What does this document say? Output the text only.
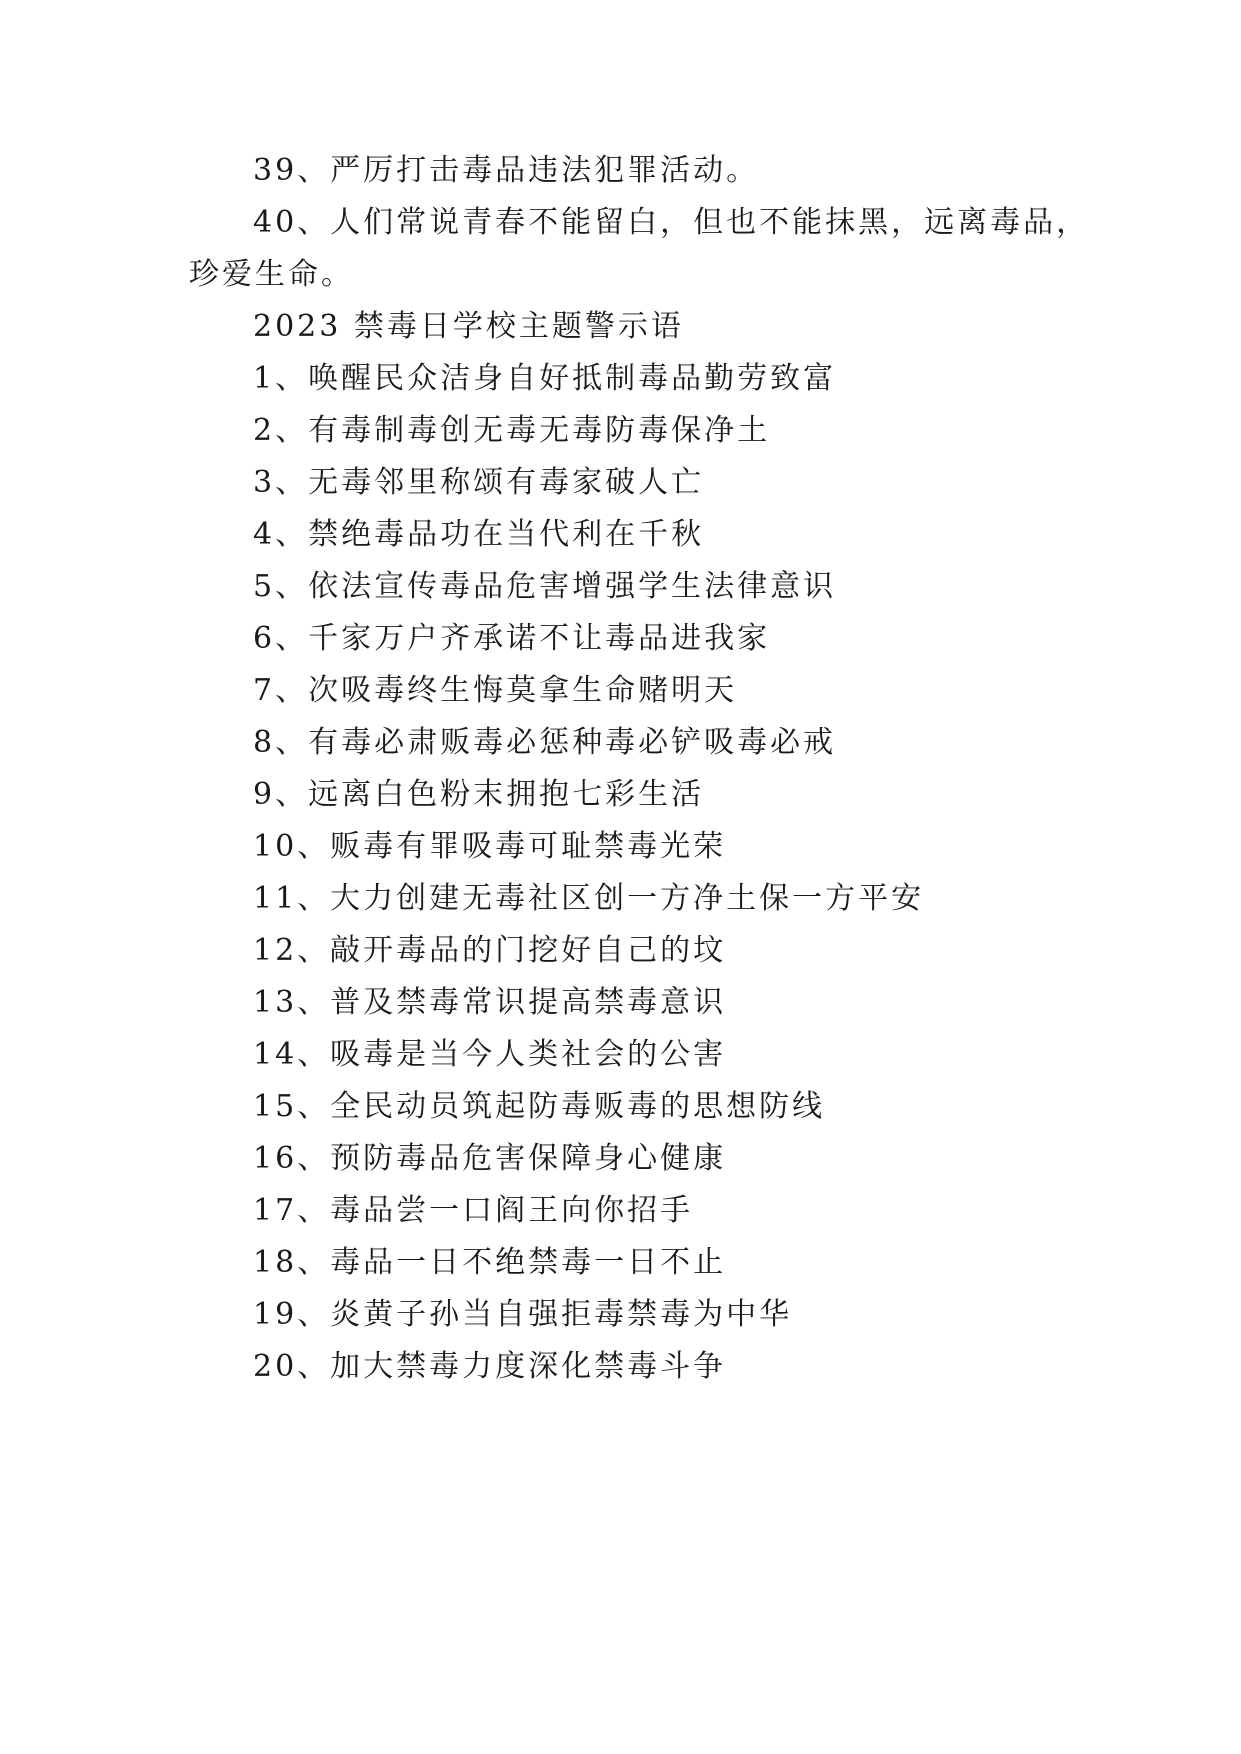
39、严厉打击毒品违法犯罪活动。
40、人们常说青春不能留白，但也不能抹黑，远离毒品，
珍爱生命。
2023 禁毒日学校主题警示语
1、唤醒民众洁身自好抵制毒品勤劳致富
2、有毒制毒创无毒无毒防毒保净土
3、无毒邻里称颂有毒家破人亡
4、禁绝毒品功在当代利在千秋
5、依法宣传毒品危害增强学生法律意识
6、千家万户齐承诺不让毒品进我家
7、次吸毒终生悔莫拿生命赌明天
8、有毒必肃贩毒必惩种毒必铲吸毒必戒
9、远离白色粉末拥抱七彩生活
10、贩毒有罪吸毒可耻禁毒光荣
11、大力创建无毒社区创一方净土保一方平安
12、敲开毒品的门挖好自己的坟
13、普及禁毒常识提高禁毒意识
14、吸毒是当今人类社会的公害
15、全民动员筑起防毒贩毒的思想防线
16、预防毒品危害保障身心健康
17、毒品尝一口阎王向你招手
18、毒品一日不绝禁毒一日不止
19、炎黄子孙当自强拒毒禁毒为中华
20、加大禁毒力度深化禁毒斗争
